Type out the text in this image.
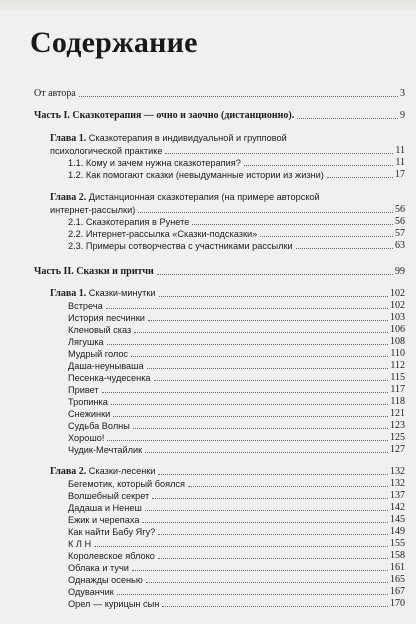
Содержание
От автора	3
Часть I. Сказкотерапия — очно и заочно (дистанционно).	9
Глава 1. Сказкотерапия в индивидуальной и групповой
психологической практике	11
1.1. Кому и зачем нужна сказкотерапия?	11
1.2. Как помогают сказки (невыдуманные истории из жизни)	17
Глава 2. Дистанционная сказкотерапия (на примере авторской
интернет-рассылки)	56
2.1. Сказкотерапия в Рунете	56
2.2. Интернет-рассылка «Сказки-подсказки»	57
2.3. Примеры сотворчества с участниками рассылки	63
Часть II. Сказки и притчи	99
Глава 1. Сказки-минутки	102
Встреча	102
История песчинки	103
Кленовый сказ	106
Лягушка	108
Мудрый голос	110
Даша-неунываша	112
Песенка-чудесенка	115
Привет	117
Тропинка	118
Снежинки	121
Судьба Волны	123
Хорошо!	125
Чудик-Мечтайлик	127
Глава 2. Сказки-лесенки	132
Бегемотик, который боялся	132
Волшебный секрет	137
Дадаша и Ненеш	142
Ежик и черепаха	145
Как найти Бабу Ягу?	149
К Л Н	155
Королевское яблоко	158
Облака и тучи	161
Однажды осенью	165
Одуванчик	167
Орел — курицын сын	170
